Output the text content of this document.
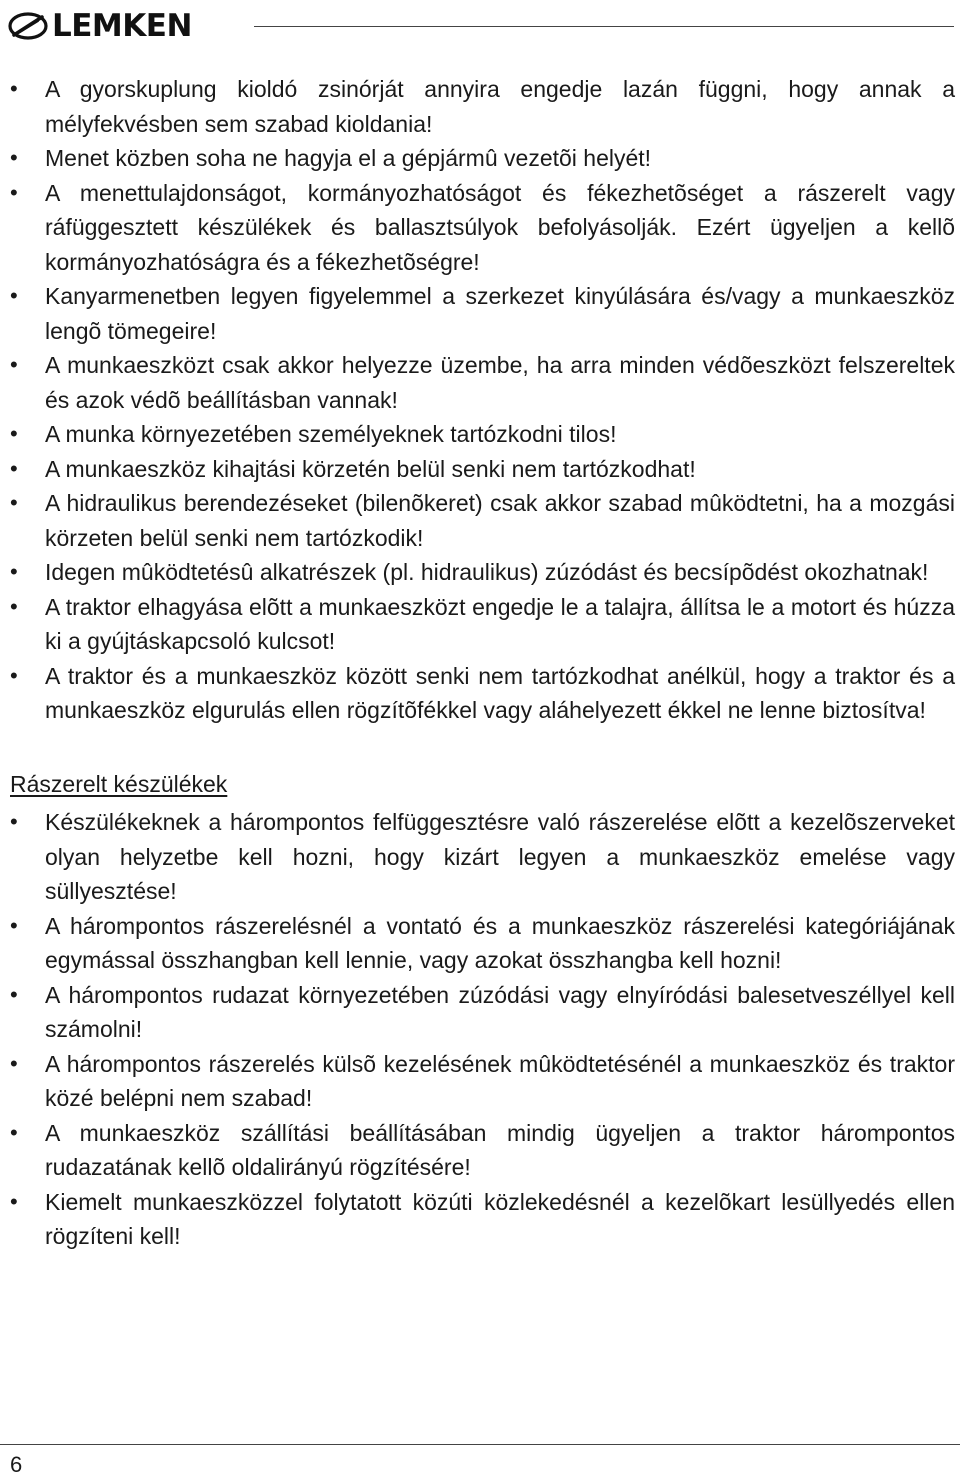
LEMKEN
• A gyorskuplung kioldó zsinórját annyira engedje lazán függni, hogy annak a mélyfekvésben sem szabad kioldania!
• Menet közben soha ne hagyja el a gépjármû vezetõi helyét!
• A menettulajdonságot, kormányozhatóságot és fékezhetõséget a rászerelt vagy ráfüggesztett készülékek és ballasztsúlyok befolyásolják. Ezért ügyeljen a kellõ kormányozhatóságra és a fékezhetõségre!
• Kanyarmenetben legyen figyelemmel a szerkezet kinyúlására és/vagy a munkaeszköz lengõ tömegeire!
• A munkaeszközt csak akkor helyezze üzembe, ha arra minden védõeszközt felszereltek és azok védõ beállításban vannak!
• A munka környezetében személyeknek tartózkodni tilos!
• A munkaeszköz kihajtási körzetén belül senki nem tartózkodhat!
• A hidraulikus berendezéseket (bilenõkeret) csak akkor szabad mûködtetni, ha a mozgási körzeten belül senki nem tartózkodik!
• Idegen mûködtetésû alkatrészek (pl. hidraulikus) zúzódást és becsípõdést okozhatnak!
• A traktor elhagyása elõtt a munkaeszközt engedje le a talajra, állítsa le a motort és húzza ki a gyújtáskapcsoló kulcsot!
• A traktor és a munkaeszköz között senki nem tartózkodhat anélkül, hogy a traktor és a munkaeszköz elgurulás ellen rögzítõfékkel vagy aláhelyezett ékkel ne lenne biztosítva!
Rászerelt készülékek
• Készülékeknek a hárompontos felfüggesztésre való rászerelése elõtt a kezelõszerveket olyan helyzetbe kell hozni, hogy kizárt legyen a munkaeszköz emelése vagy süllyesztése!
• A hárompontos rászerelésnél a vontató és a munkaeszköz rászerelési kategóriájának egymással összhangban kell lennie, vagy azokat összhangba kell hozni!
• A hárompontos rudazat környezetében zúzódási vagy elnyíródási balesetveszéllyel kell számolni!
• A hárompontos rászerelés külsõ kezelésének mûködtetésénél a munkaeszköz és traktor közé belépni nem szabad!
• A munkaeszköz szállítási beállításában mindig ügyeljen a traktor hárompontos rudazatának kellõ oldalirányú rögzítésére!
• Kiemelt munkaeszközzel folytatott közúti közlekedésnél a kezelõkart lesüllyedés ellen rögzíteni kell!
6
